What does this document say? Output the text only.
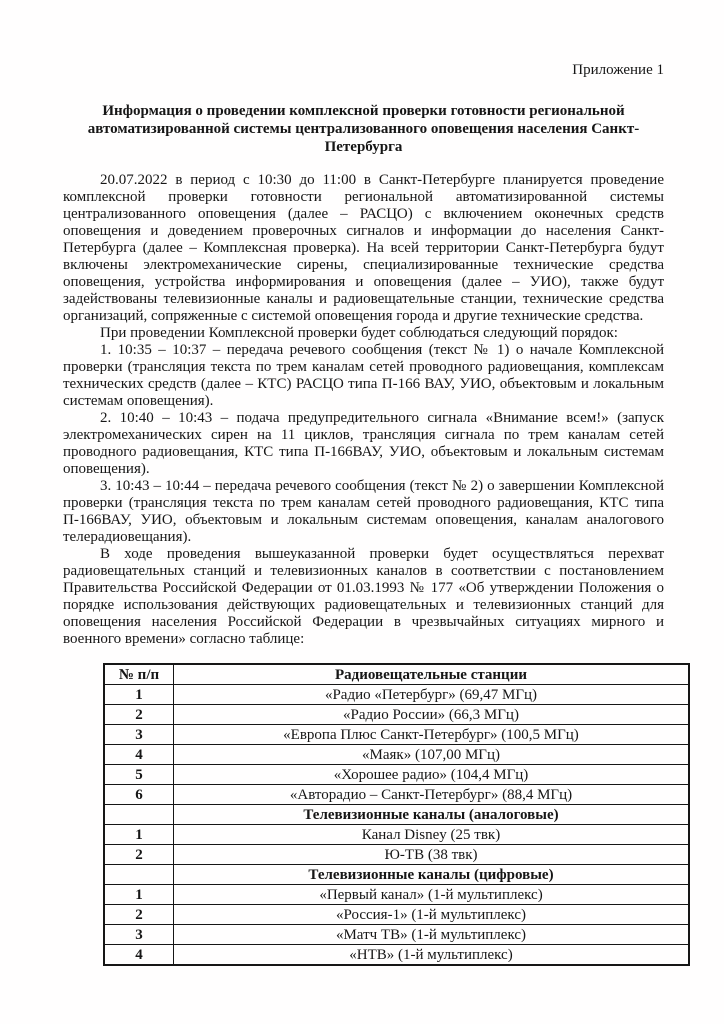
Приложение 1
Информация о проведении комплексной проверки готовности региональной автоматизированной системы централизованного оповещения населения Санкт-Петербурга

20.07.2022 в период с 10:30 до 11:00 в Санкт-Петербурге планируется проведение комплексной проверки готовности региональной автоматизированной системы централизованного оповещения (далее – РАСЦО) с включением оконечных средств оповещения и доведением проверочных сигналов и информации до населения Санкт-Петербурга (далее – Комплексная проверка). На всей территории Санкт-Петербурга будут включены электромеханические сирены, специализированные технические средства оповещения, устройства информирования и оповещения (далее – УИО), также будут задействованы телевизионные каналы и радиовещательные станции, технические средства организаций, сопряженные с системой оповещения города и другие технические средства.

При проведении Комплексной проверки будет соблюдаться следующий порядок:

1. 10:35 – 10:37 – передача речевого сообщения (текст № 1) о начале Комплексной проверки (трансляция текста по трем каналам сетей проводного радиовещания, комплексам технических средств (далее – КТС) РАСЦО типа П-166 ВАУ, УИО, объектовым и локальным системам оповещения).

2. 10:40 – 10:43 – подача предупредительного сигнала «Внимание всем!» (запуск электромеханических сирен на 11 циклов, трансляция сигнала по трем каналам сетей проводного радиовещания, КТС типа П-166ВАУ, УИО, объектовым и локальным системам оповещения).

3. 10:43 – 10:44 – передача речевого сообщения (текст № 2) о завершении Комплексной проверки (трансляция текста по трем каналам сетей проводного радиовещания, КТС типа П-166ВАУ, УИО, объектовым и локальным системам оповещения, каналам аналогового телерадиовещания).

В ходе проведения вышеуказанной проверки будет осуществляться перехват радиовещательных станций и телевизионных каналов в соответствии с постановлением Правительства Российской Федерации от 01.03.1993 № 177 «Об утверждении Положения о порядке использования действующих радиовещательных и телевизионных станций для оповещения населения Российской Федерации в чрезвычайных ситуациях мирного и военного времени» согласно таблице:

№ п/п	Радиовещательные станции
1	«Радио «Петербург» (69,47 МГц)
2	«Радио России» (66,3 МГц)
3	«Европа Плюс Санкт-Петербург» (100,5 МГц)
4	«Маяк» (107,00 МГц)
5	«Хорошее радио» (104,4 МГц)
6	«Авторадио – Санкт-Петербург» (88,4 МГц)
	Телевизионные каналы (аналоговые)
1	Канал Disney (25 твк)
2	Ю-ТВ (38 твк)
	Телевизионные каналы (цифровые)
1	«Первый канал» (1-й мультиплекс)
2	«Россия-1» (1-й мультиплекс)
3	«Матч ТВ» (1-й мультиплекс)
4	«НТВ» (1-й мультиплекс)
